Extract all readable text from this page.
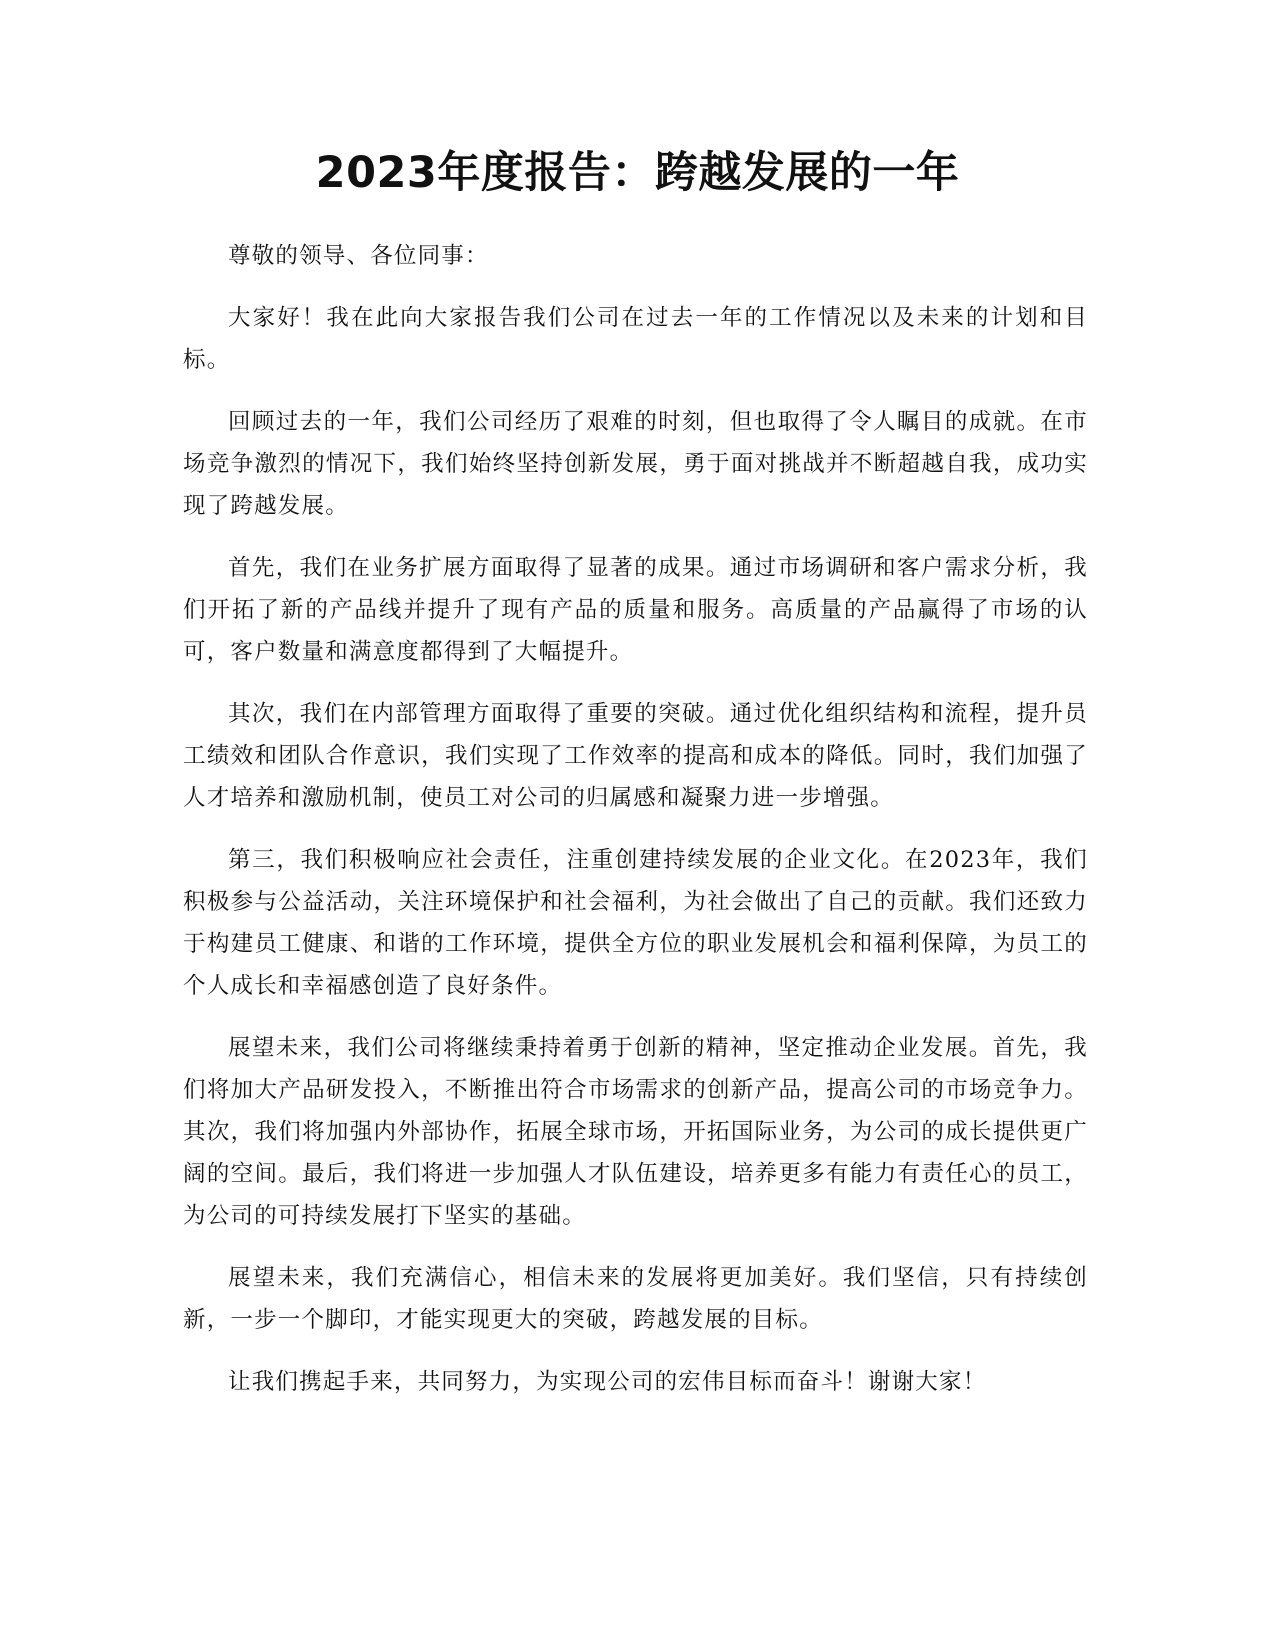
2023年度报告：跨越发展的一年

尊敬的领导、各位同事：

大家好！我在此向大家报告我们公司在过去一年的工作情况以及未来的计划和目标。

回顾过去的一年，我们公司经历了艰难的时刻，但也取得了令人瞩目的成就。在市场竞争激烈的情况下，我们始终坚持创新发展，勇于面对挑战并不断超越自我，成功实现了跨越发展。

首先，我们在业务扩展方面取得了显著的成果。通过市场调研和客户需求分析，我们开拓了新的产品线并提升了现有产品的质量和服务。高质量的产品赢得了市场的认可，客户数量和满意度都得到了大幅提升。

其次，我们在内部管理方面取得了重要的突破。通过优化组织结构和流程，提升员工绩效和团队合作意识，我们实现了工作效率的提高和成本的降低。同时，我们加强了人才培养和激励机制，使员工对公司的归属感和凝聚力进一步增强。

第三，我们积极响应社会责任，注重创建持续发展的企业文化。在2023年，我们积极参与公益活动，关注环境保护和社会福利，为社会做出了自己的贡献。我们还致力于构建员工健康、和谐的工作环境，提供全方位的职业发展机会和福利保障，为员工的个人成长和幸福感创造了良好条件。

展望未来，我们公司将继续秉持着勇于创新的精神，坚定推动企业发展。首先，我们将加大产品研发投入，不断推出符合市场需求的创新产品，提高公司的市场竞争力。其次，我们将加强内外部协作，拓展全球市场，开拓国际业务，为公司的成长提供更广阔的空间。最后，我们将进一步加强人才队伍建设，培养更多有能力有责任心的员工，为公司的可持续发展打下坚实的基础。

展望未来，我们充满信心，相信未来的发展将更加美好。我们坚信，只有持续创新，一步一个脚印，才能实现更大的突破，跨越发展的目标。

让我们携起手来，共同努力，为实现公司的宏伟目标而奋斗！谢谢大家！
